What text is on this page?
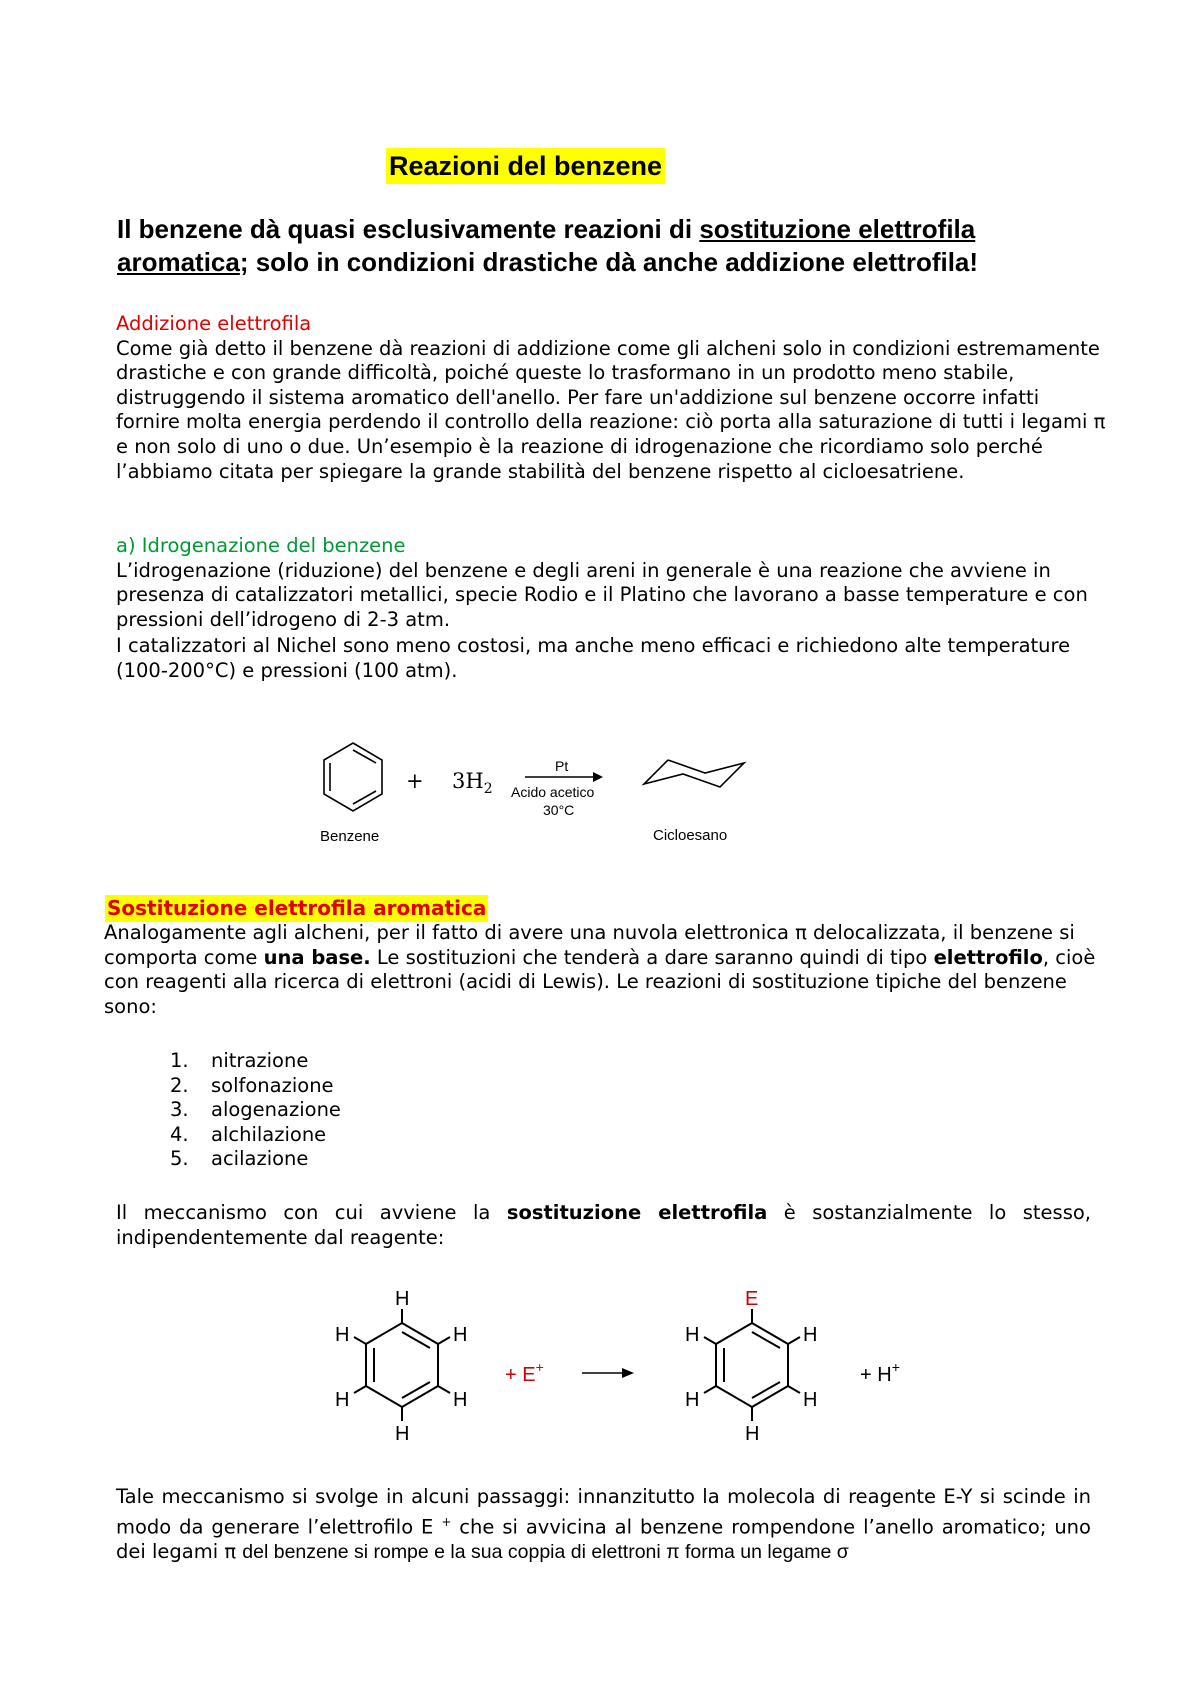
Reazioni del benzene
Il benzene dà quasi esclusivamente reazioni di sostituzione elettrofila aromatica; solo in condizioni drastiche dà anche addizione elettrofila!
Addizione elettrofila
Come già detto il benzene dà reazioni di addizione come gli alcheni solo in condizioni estremamente drastiche e con grande difficoltà, poiché queste lo trasformano in un prodotto meno stabile, distruggendo il sistema aromatico dell'anello. Per fare un'addizione sul benzene occorre infatti fornire molta energia perdendo il controllo della reazione: ciò porta alla saturazione di tutti i legami π e non solo di uno o due. Un’esempio è la reazione di idrogenazione che ricordiamo solo perché l’abbiamo citata per spiegare la grande stabilità del benzene rispetto al cicloesatriene.
a) Idrogenazione del benzene
L’idrogenazione (riduzione) del benzene e degli areni in generale è una reazione che avviene in presenza di catalizzatori metallici, specie Rodio e il Platino che lavorano a basse temperature e con pressioni dell’idrogeno di 2-3 atm.
I catalizzatori al Nichel sono meno costosi, ma anche meno efficaci e richiedono alte temperature (100-200°C) e pressioni (100 atm).
Benzene
+ $3H_2$
Pt
Acido acetico
30°C
Cicloesano
Sostituzione elettrofila aromatica
Analogamente agli alcheni, per il fatto di avere una nuvola elettronica π delocalizzata, il benzene si comporta come una base. Le sostituzioni che tenderà a dare saranno quindi di tipo elettrofilo, cioè con reagenti alla ricerca di elettroni (acidi di Lewis). Le reazioni di sostituzione tipiche del benzene sono:
1.	nitrazione
2.	solfonazione
3.	alogenazione
4.	alchilazione
5.	acilazione
Il meccanismo con cui avviene la sostituzione elettrofila è sostanzialmente lo stesso, indipendentemente dal reagente:
H
H
H
H
H
H
+ E+
E
H
H
H
H
H
+ H+
Tale meccanismo si svolge in alcuni passaggi: innanzitutto la molecola di reagente E-Y si scinde in modo da generare l’elettrofilo E + che si avvicina al benzene rompendone l’anello aromatico; uno dei legami π del benzene si rompe e la sua coppia di elettroni π forma un legame σ
